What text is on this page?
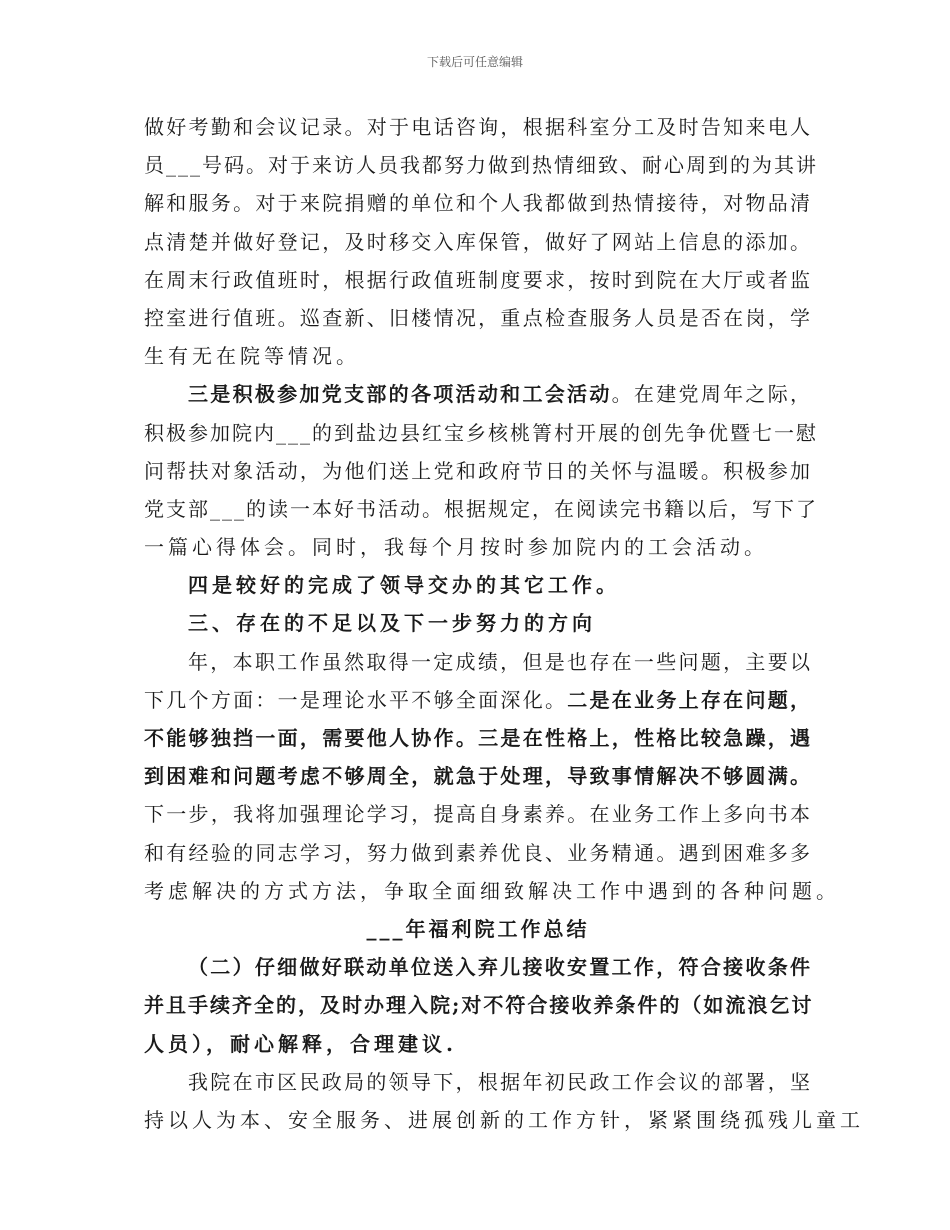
下载后可任意编辑
做好考勤和会议记录。对于电话咨询，根据科室分工及时告知来电人
员___号码。对于来访人员我都努力做到热情细致、耐心周到的为其讲
解和服务。对于来院捐赠的单位和个人我都做到热情接待，对物品清
点清楚并做好登记，及时移交入库保管，做好了网站上信息的添加。
在周末行政值班时，根据行政值班制度要求，按时到院在大厅或者监
控室进行值班。巡查新、旧楼情况，重点检查服务人员是否在岗，学
生有无在院等情况。
三是积极参加党支部的各项活动和工会活动。在建党周年之际，
积极参加院内___的到盐边县红宝乡核桃箐村开展的创先争优暨七一慰
问帮扶对象活动，为他们送上党和政府节日的关怀与温暖。积极参加
党支部___的读一本好书活动。根据规定，在阅读完书籍以后，写下了
一篇心得体会。同时，我每个月按时参加院内的工会活动。
四是较好的完成了领导交办的其它工作。
三、存在的不足以及下一步努力的方向
年，本职工作虽然取得一定成绩，但是也存在一些问题，主要以
下几个方面：一是理论水平不够全面深化。二是在业务上存在问题，
不能够独挡一面，需要他人协作。三是在性格上，性格比较急躁，遇
到困难和问题考虑不够周全，就急于处理，导致事情解决不够圆满。
下一步，我将加强理论学习，提高自身素养。在业务工作上多向书本
和有经验的同志学习，努力做到素养优良、业务精通。遇到困难多多
考虑解决的方式方法，争取全面细致解决工作中遇到的各种问题。
___年福利院工作总结
（二）仔细做好联动单位送入弃儿接收安置工作，符合接收条件
并且手续齐全的，及时办理入院;对不符合接收养条件的（如流浪乞讨
人员），耐心解释，合理建议.
我院在市区民政局的领导下，根据年初民政工作会议的部署，坚
持以人为本、安全服务、进展创新的工作方针，紧紧围绕孤残儿童工
